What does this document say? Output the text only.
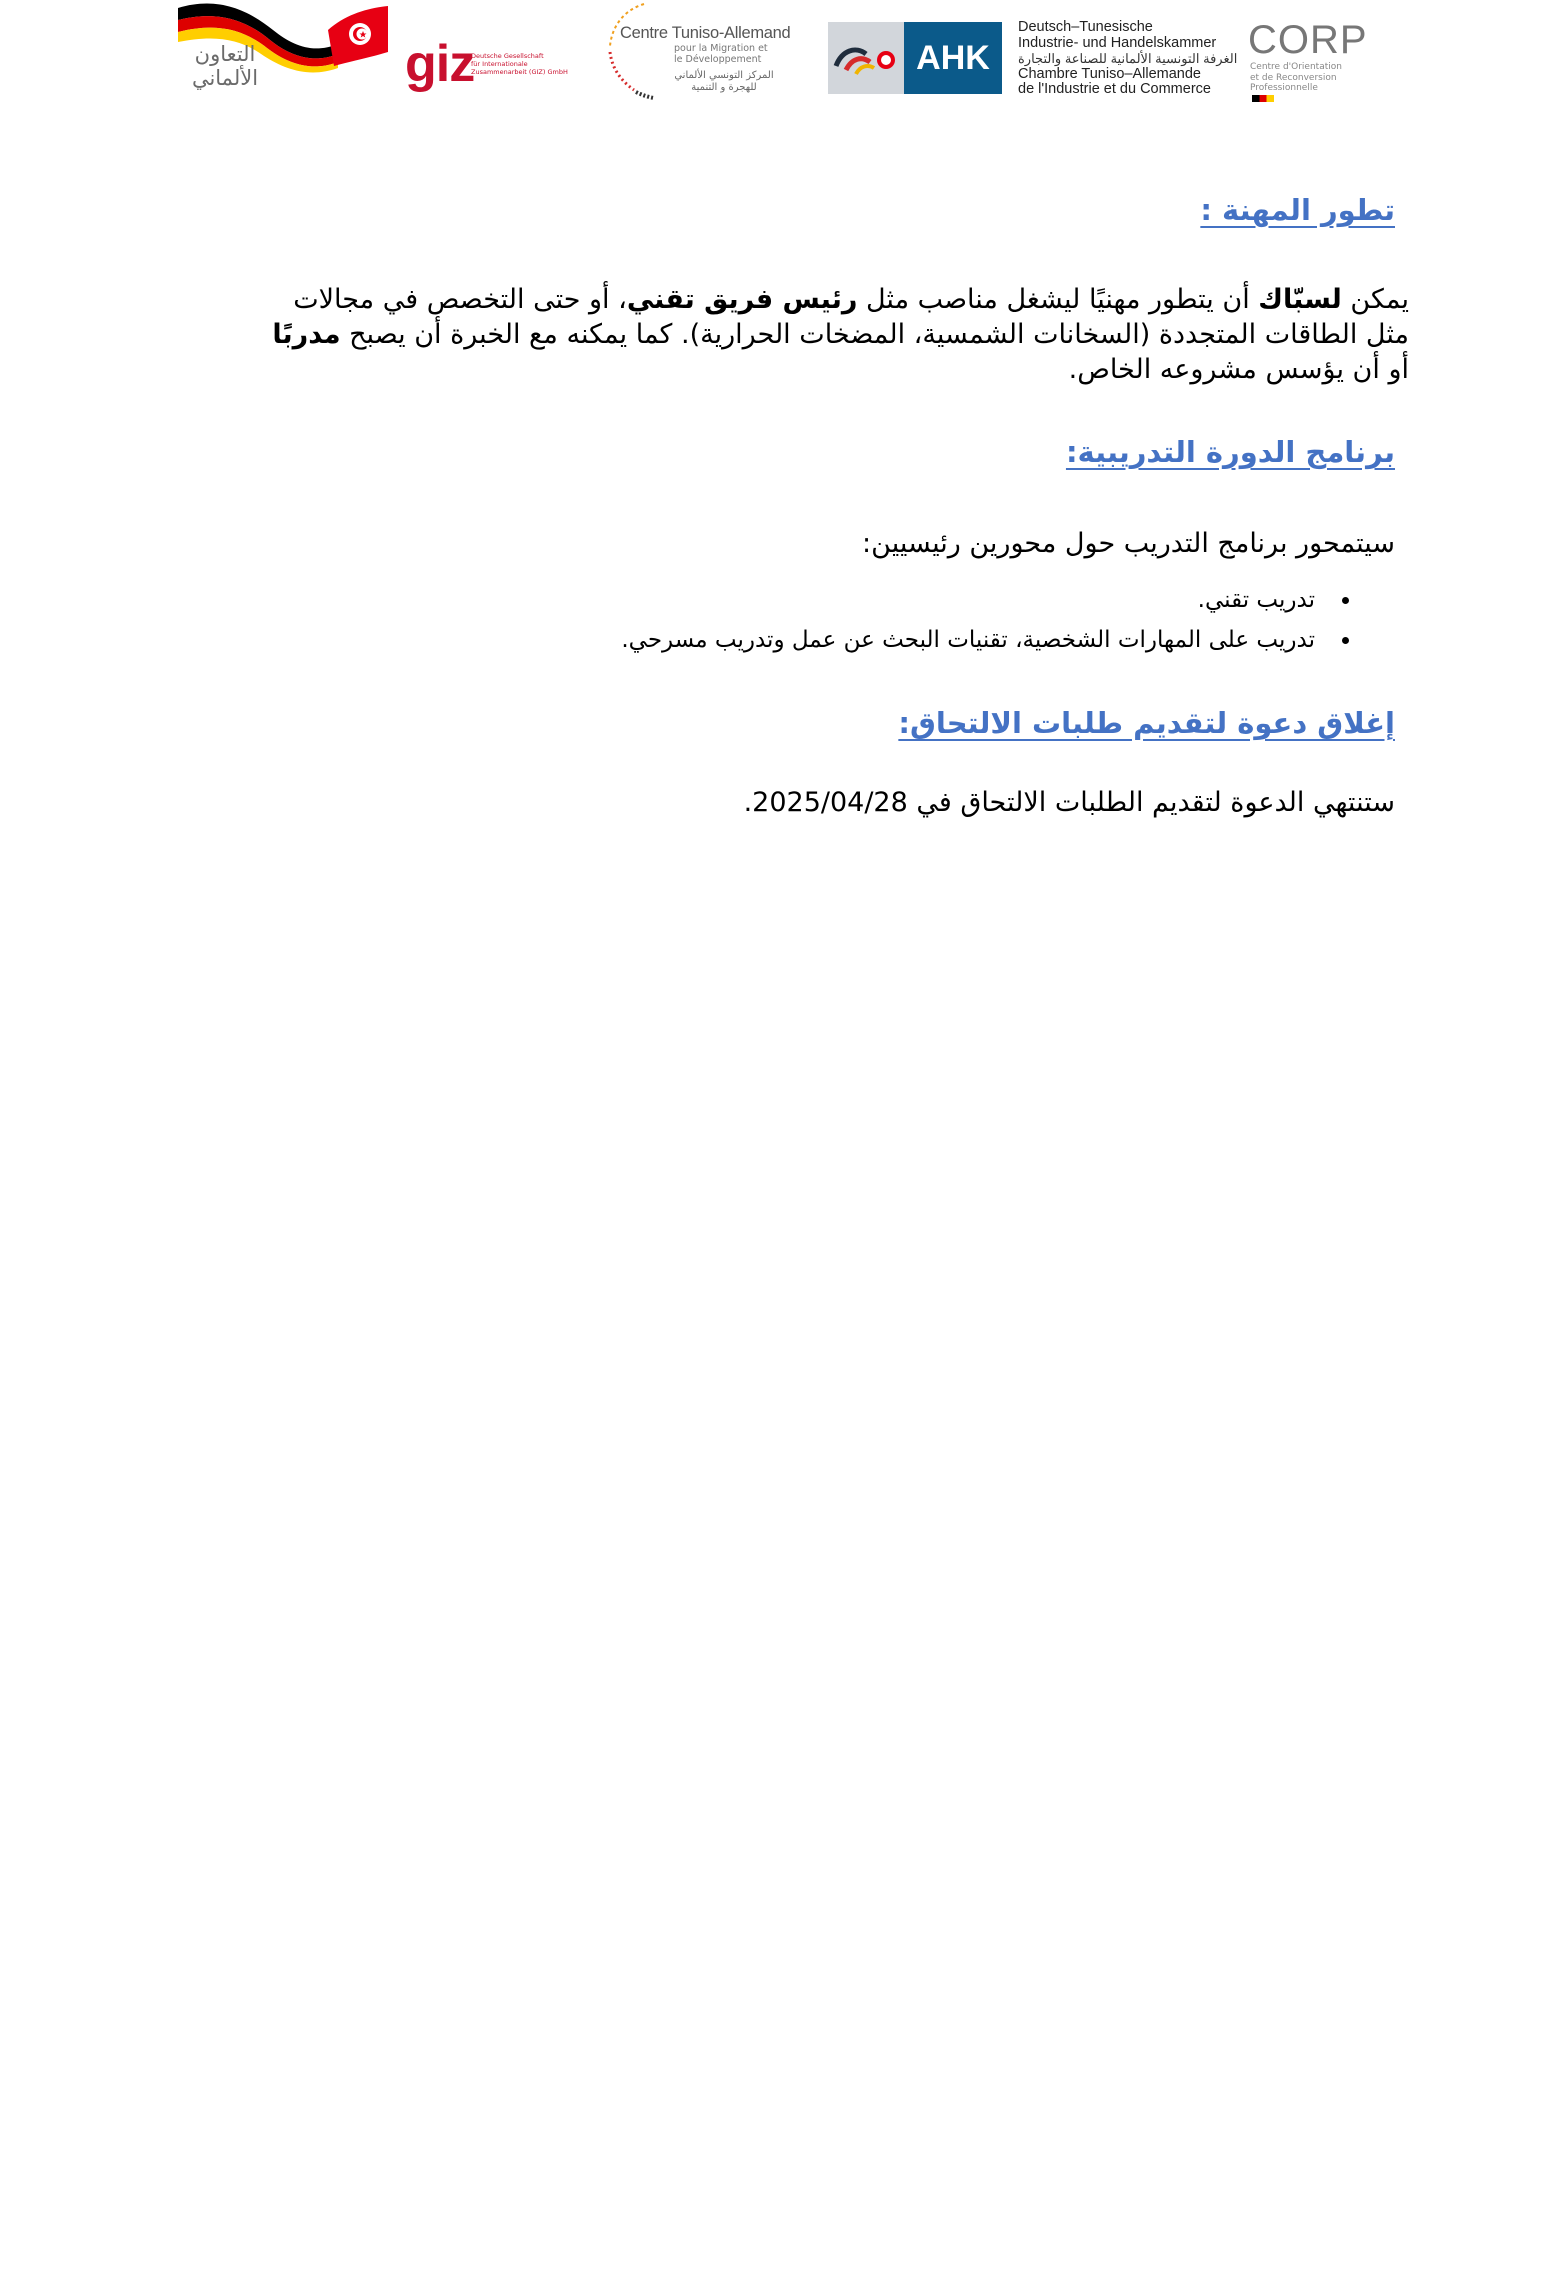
التعاون
الألماني	giz
Deutsche Gesellschaft
für Internationale
Zusammenarbeit (GIZ) GmbH
Centre Tuniso-Allemand
pour la Migration et
le Développement
المركز التونسي الألماني
للهجرة و التنمية
AHK
Deutsch–Tunesische
Industrie- und Handelskammer
الغرفة التونسية الألمانية للصناعة والتجارة
Chambre Tuniso–Allemande
de l'Industrie et du Commerce
CORP
Centre d'Orientation
et de Reconversion
Professionnelle
تطور المهنة :
يمكن لسبّاك أن يتطور مهنيًا ليشغل مناصب مثل رئيس فريق تقني، أو حتى التخصص في مجالات مثل الطاقات المتجددة (السخانات الشمسية، المضخات الحرارية). كما يمكنه مع الخبرة أن يصبح مدربًا أو أن يؤسس مشروعه الخاص.
برنامج الدورة التدريبية:
سيتمحور برنامج التدريب حول محورين رئيسيين:
• تدريب تقني.
• تدريب على المهارات الشخصية، تقنيات البحث عن عمل وتدريب مسرحي.
إغلاق دعوة لتقديم طلبات الالتحاق:
ستنتهي الدعوة لتقديم الطلبات الالتحاق في 2025/04/28.
